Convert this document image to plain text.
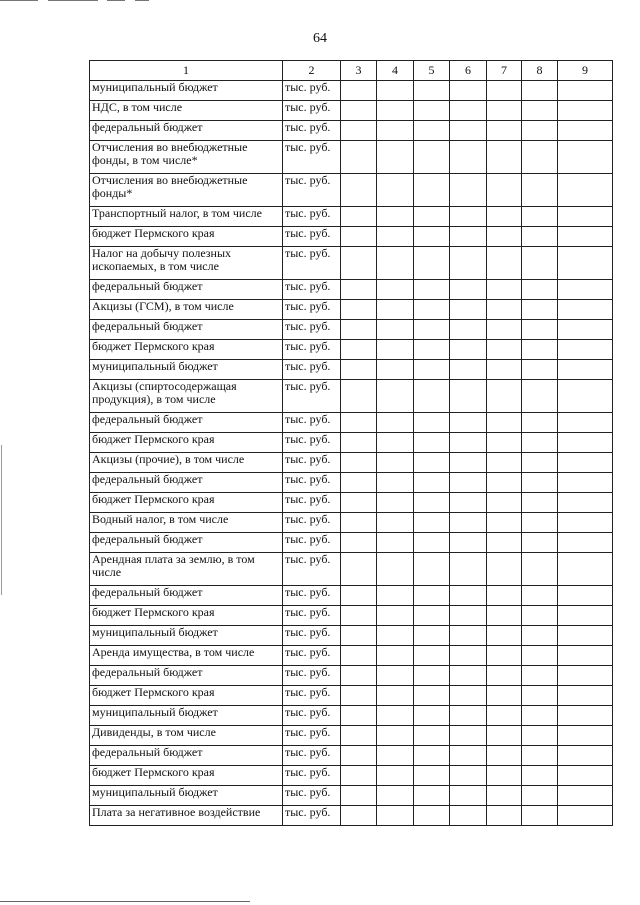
64
1	2	3	4	5	6	7	8	9
муниципальный бюджет	тыс. руб.							
НДС, в том числе	тыс. руб.							
федеральный бюджет	тыс. руб.							
Отчисления во внебюджетные фонды, в том числе*	тыс. руб.							
Отчисления во внебюджетные фонды*	тыс. руб.							
Транспортный налог, в том числе	тыс. руб.							
бюджет Пермского края	тыс. руб.							
Налог на добычу полезных ископаемых, в том числе	тыс. руб.							
федеральный бюджет	тыс. руб.							
Акцизы (ГСМ), в том числе	тыс. руб.							
федеральный бюджет	тыс. руб.							
бюджет Пермского края	тыс. руб.							
муниципальный бюджет	тыс. руб.							
Акцизы (спиртосодержащая продукция), в том числе	тыс. руб.							
федеральный бюджет	тыс. руб.							
бюджет Пермского края	тыс. руб.							
Акцизы (прочие), в том числе	тыс. руб.							
федеральный бюджет	тыс. руб.							
бюджет Пермского края	тыс. руб.							
Водный налог, в том числе	тыс. руб.							
федеральный бюджет	тыс. руб.							
Арендная плата за землю, в том числе	тыс. руб.							
федеральный бюджет	тыс. руб.							
бюджет Пермского края	тыс. руб.							
муниципальный бюджет	тыс. руб.							
Аренда имущества, в том числе	тыс. руб.							
федеральный бюджет	тыс. руб.							
бюджет Пермского края	тыс. руб.							
муниципальный бюджет	тыс. руб.							
Дивиденды, в том числе	тыс. руб.							
федеральный бюджет	тыс. руб.							
бюджет Пермского края	тыс. руб.							
муниципальный бюджет	тыс. руб.							
Плата за негативное воздействие	тыс. руб.							
